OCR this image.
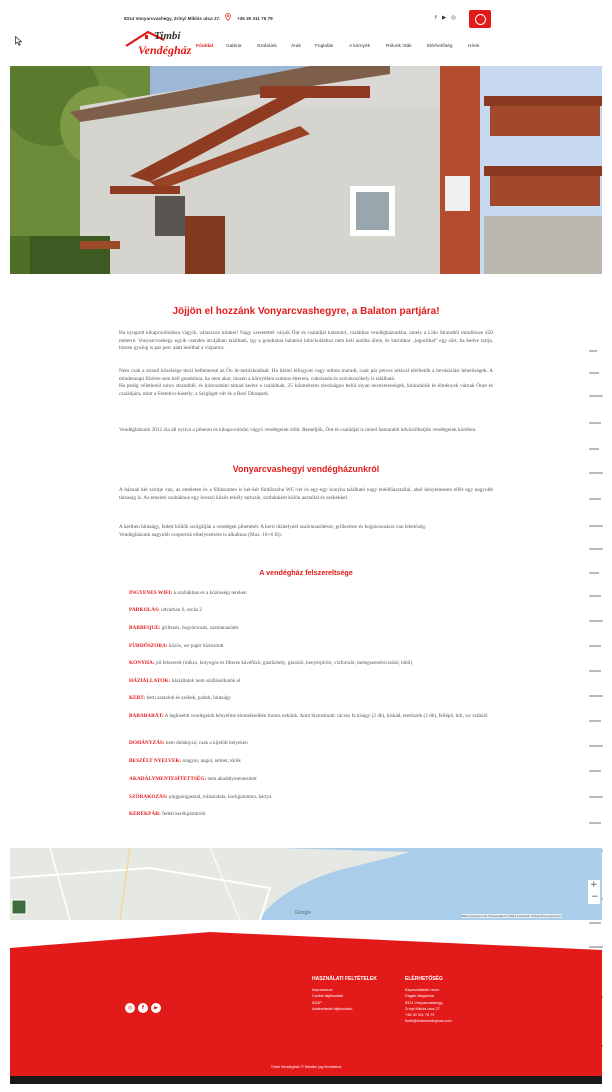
8314 Vonyarcvashegy, Zrínyi Miklós utca 27.	+36 30 311 76 79	f ▶ ◎
Timbi
Vendégház Főoldal	Galéria	Szobáink	Árak	Foglalás	A környék	Rólunk írták	Elérhetőség	Hírek
Jöjjön el hozzánk Vonyarcvashegyre, a Balaton partjára!

Ha nyugodt kikapcsolódásra vágyik, válasszon minket! Nagy szeretettel várjuk Önt és családját balatonri, családias vendégházunkba, amely a Lido Strandtól mindössze 450 méterre. Vonyarcvashegy egyik csendes utcájában található, így a gondtalan balatoni lubickoláshoz nem kell autóba ülnie, és bármikor „leguríthat” egy sört, ha kedve tartja, hiszen gyalog is pár perc alatt leséthat a vízpartra.

Nem csak a strand közelsége teszi kellemessé az Ön itt-tartózkodását. Ha bármi elfogyott vagy otthon maradt, csak pár perces sétával elérhetők a bevásárlási lehetőségek. A mindennapi főzésre sem kell gondolnia, ha nem akar, hiszen a környéken számos étterem, cukrászda és szórakozóhely is található.
Ha pedig véletlenül nincs strandidő, és kimozdulni támad kedve a családnak, 25 kilométeres távolságon belül olyan nevezetességek, kirándulók és élmények várnak Önre és családjára, mint a Festetics-kastély, a Szigliget-vár és a Rezi Dinopark.

Vendégházunk 2012 óta áll nyitva a pihenni és kikapcsolódni vágyó vendégeink előtt. Reméljük, Önt és családját is minél hamarabb üdvözölhetjük vendégeink körében.

Vonyarcvashegyi vendégházunkról

A háznak két szintje van, az emeleten és a földszinten is két-két fürdőszoba WC-vel és egy-egy konyha található nagy ebédlőasztallal, ahol kényelmesen elfér egy nagyobb társaság is. Az emeleti szobákhoz egy hosszú közös erkély tartozik, szobánként külön asztallal és székekkel.

A kertben hintaágy, fedett kiülők szolgálják a vendégek pihenését. A kerti tűzhelynél szalonnasütésre, grillezésre és bográcsozásra van lehetőség.
Vendégházunk nagyobb csoportok elhelyezésére is alkalmas (Max. 10+6 fő).

A vendégház felszereltsége
INGYENES WIFI: a szobákban és a közösségi tereken
PARKOLÁS: udvarban 6, utcán 2
BARBEQUE: grillezés, bográcsozás, szalonnasütés
FÜRDŐSZOBA: közös, we papír biztosított
KONYHA: jól felszerelt (mikro, kotyogós és filteres kávéfőző, gáztűzhely, gázsütő, kenyérpirító, vízforraló, melegszendvicssütő, hűtő)
HÁZIÁLLATOK: háziállatok nem szállásolhatók el
KERT: kerti asztalok és székek, padok, hintaágy
BABABARÁT: A legkisebb vendégeink kényelme kiemelkedően fontos nekünk. Amit biztosítunk: rácsos fa kiságy (2 db), kiskád, etetőszék (2 db), fellépő, bili, wc szűkítő
DOHÁNYZÁS: nem dohányzó, csak a kijelölt helyeken
BESZÉLT NYELVEK: magyar, angol, német, török
AKADÁLYMENTESÍTETTSÉG: nem akadálymentesített
SZÓRAKOZÁS: pingpongasztal, tollaslabda, backgammon, kártya
KERÉKPÁR: fedett kerékpártároló
Google
+
−
Billentyűparancsok Térképadatok ©2022 Feltételek Térképhiba bejelentése
◎	f	▶
HASZNÁLATI FELTÉTELEK
Impresszum
Cookie tájékoztató
ÁSZF
Adatvédelmi tájékoztató
ELÉRHETŐSÉG
Kapcsolattartó neve:
Dagán Magdolna
8314 Vonyarcvashegy,
Zrínyi Miklós utca 27.
+36 30 311 76 79
timbi@timbivendeghaz.com
Timbi Vendégház © Minden jog fenntartva
